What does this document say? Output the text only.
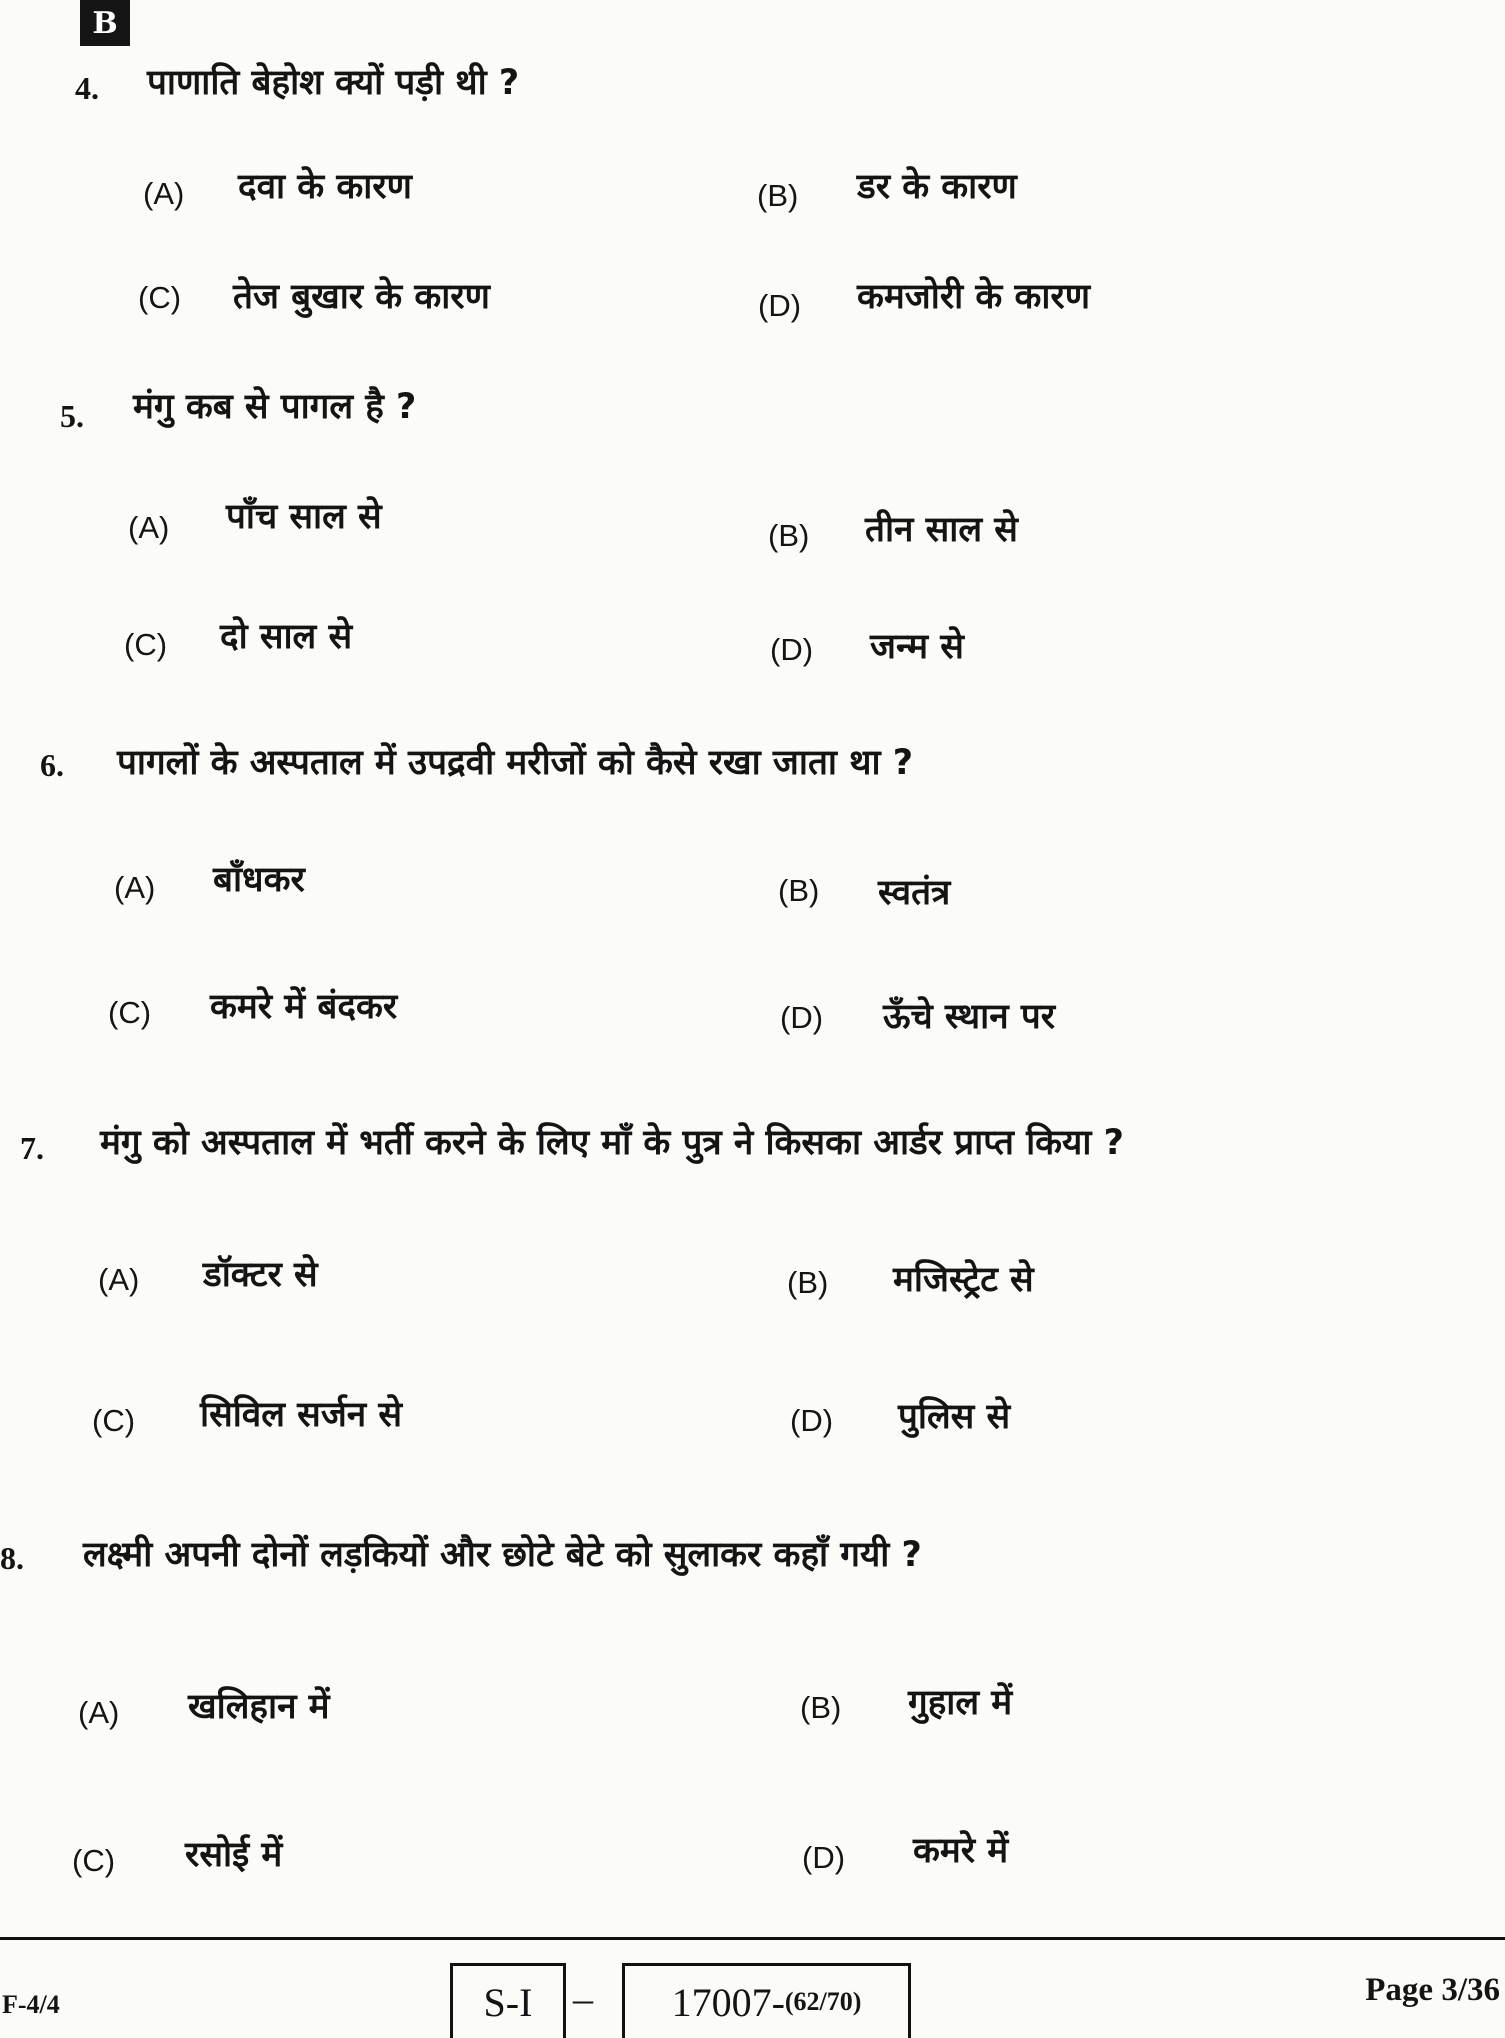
B
4. पाणाति बेहोश क्यों पड़ी थी ?
(A) दवा के कारण	(B) डर के कारण
(C) तेज बुखार के कारण	(D) कमजोरी के कारण
5. मंगु कब से पागल है ?
(A) पाँच साल से	(B) तीन साल से
(C) दो साल से	(D) जन्म से
6. पागलों के अस्पताल में उपद्रवी मरीजों को कैसे रखा जाता था ?
(A) बाँधकर	(B) स्वतंत्र
(C) कमरे में बंदकर	(D) ऊँचे स्थान पर
7. मंगु को अस्पताल में भर्ती करने के लिए माँ के पुत्र ने किसका आर्डर प्राप्त किया ?
(A) डॉक्टर से	(B) मजिस्ट्रेट से
(C) सिविल सर्जन से	(D) पुलिस से
8. लक्ष्मी अपनी दोनों लड़कियों और छोटे बेटे को सुलाकर कहाँ गयी ?
(A) खलिहान में	(B) गुहाल में
(C) रसोई में	(D) कमरे में
F-4/4	S-I – 17007- (62/70)	Page 3/36
